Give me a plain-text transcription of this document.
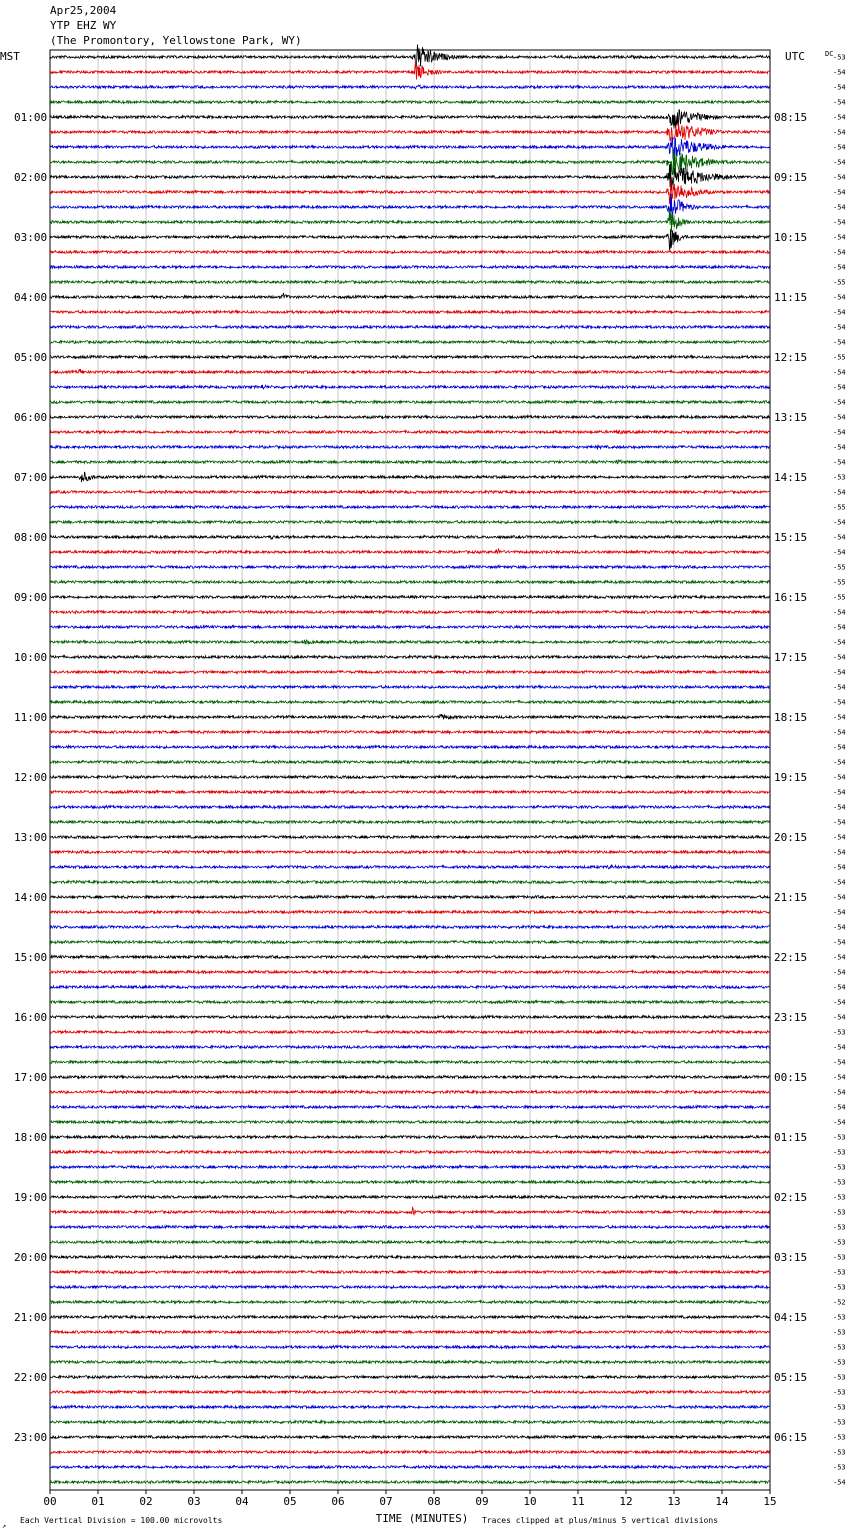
Apr25,2004
YTP EHZ WY
(The Promontory, Yellowstone Park, WY)
01:00
02:00
03:00
04:00
05:00
06:00
07:00
08:00
09:00
10:00
11:00
12:00
13:00
14:00
15:00
16:00
17:00
18:00
19:00
20:00
21:00
22:00
23:00
08:15
09:15
10:15
11:15
12:15
13:15
14:15
15:15
16:15
17:15
18:15
19:15
20:15
21:15
22:15
23:15
00:15
01:15
02:15
03:15
04:15
05:15
06:15
-53
-54
-54
-54
-54
-54
-54
-54
-54
-54
-54
-54
-54
-54
-54
-55
-54
-54
-54
-54
-55
-54
-54
-54
-54
-54
-54
-54
-53
-54
-55
-54
-54
-54
-55
-55
-55
-54
-54
-54
-54
-54
-54
-54
-54
-54
-54
-54
-54
-54
-54
-54
-54
-54
-54
-54
-54
-54
-54
-54
-54
-54
-54
-54
-54
-53
-54
-54
-54
-54
-54
-54
-53
-53
-53
-53
-53
-53
-53
-53
-53
-53
-53
-52
-53
-53
-53
-53
-53
-53
-53
-53
-53
-53
-53
-54
00	01	02	03	04	05	06	07	08	09	10	11	12	13	14	15
MST	UTC	DC
TIME (MINUTES)
Each Vertical Division = 100.00 microvolts	Traces clipped at plus/minus 5 vertical divisions
↗
